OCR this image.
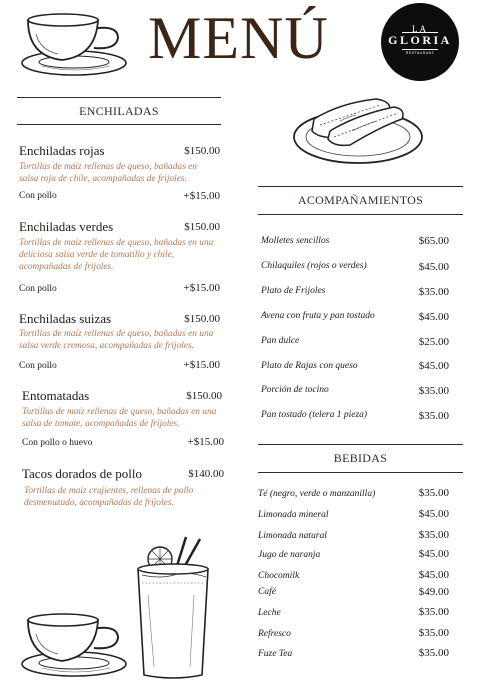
MENÚ	LA
GLORIA
RESTAURANT
ENCHILADAS
Enchiladas rojas	$150.00
Tortillas de maíz rellenas de queso, bañadas en
salsa roja de chile, acompañadas de frijoles.
Con pollo	+$15.00
Enchiladas verdes	$150.00
Tortillas de maíz rellenas de queso, bañadas en una
deliciosa salsa verde de tomatillo y chile,
acompañadas de frijoles.
Con pollo	+$15.00
Enchiladas suizas	$150.00
Tortillas de maíz rellenas de queso, bañadas en una
salsa verde cremosa, acompañadas de frijoles.
Con pollo	+$15.00
Entomatadas	$150.00
Tortillas de maíz rellenas de queso, bañadas en una
salsa de tomate, acompañadas de frijoles.
Con pollo o huevo	+$15.00
Tacos dorados de pollo	$140.00
Tortillas de maíz crujientes, rellenas de pollo
desmenuzado, acompañadas de frijoles.
ACOMPAÑAMIENTOS
Molletes sencillos	$65.00
Chilaquiles (rojos o verdes)	$45.00
Plato de Frijoles	$35.00
Avena con fruta y pan tostado	$45.00
Pan dulce	$25.00
Plato de Rajas con queso	$45.00
Porción de tocino	$35.00
Pan tostado (telera 1 pieza)	$35.00
BEBIDAS
Té (negro, verde o manzanilla)	$35.00
Limonada mineral	$45.00
Limonada natural	$35.00
Jugo de naranja	$45.00
Chocomilk	$45.00
Café	$49.00
Leche	$35.00
Refresco	$35.00
Fuze Tea	$35.00
